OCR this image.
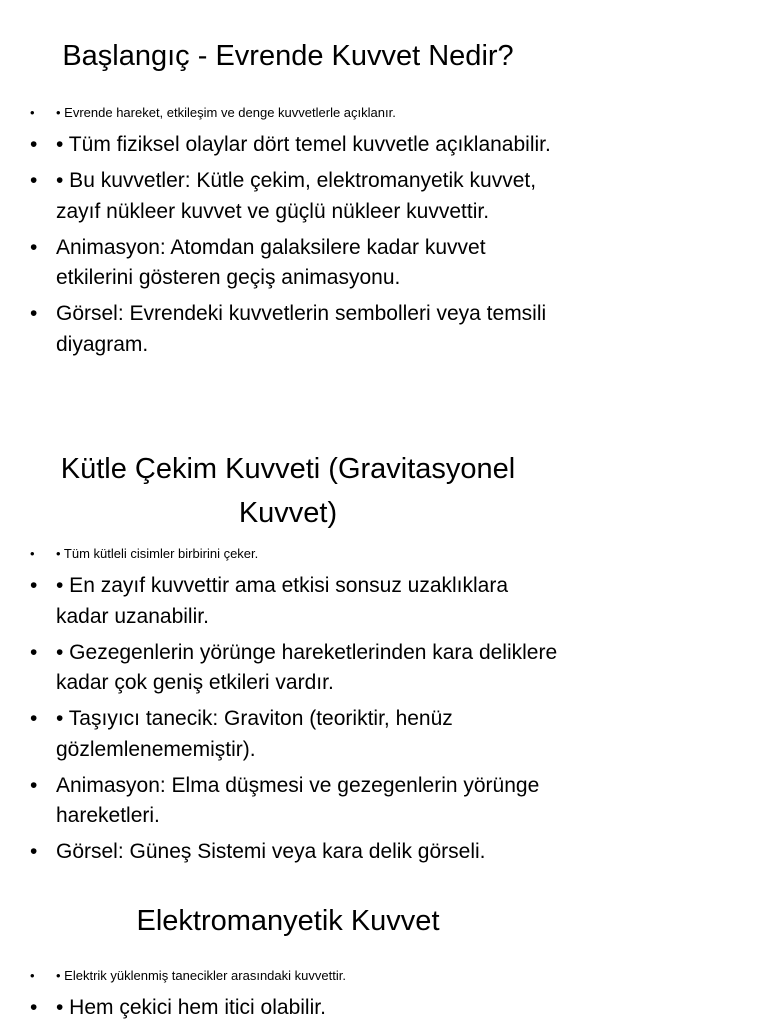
Başlangıç - Evrende Kuvvet Nedir?
• • Evrende hareket, etkileşim ve denge kuvvetlerle açıklanır.
• • Tüm fiziksel olaylar dört temel kuvvetle açıklanabilir.
• • Bu kuvvetler: Kütle çekim, elektromanyetik kuvvet, zayıf nükleer kuvvet ve güçlü nükleer kuvvettir.
• Animasyon: Atomdan galaksilere kadar kuvvet etkilerini gösteren geçiş animasyonu.
• Görsel: Evrendeki kuvvetlerin sembolleri veya temsili diyagram.
Kütle Çekim Kuvveti (Gravitasyonel Kuvvet)
• • Tüm kütleli cisimler birbirini çeker.
• • En zayıf kuvvettir ama etkisi sonsuz uzaklıklara kadar uzanabilir.
• • Gezegenlerin yörünge hareketlerinden kara deliklere kadar çok geniş etkileri vardır.
• • Taşıyıcı tanecik: Graviton (teoriktir, henüz gözlemlenememiştir).
• Animasyon: Elma düşmesi ve gezegenlerin yörünge hareketleri.
• Görsel: Güneş Sistemi veya kara delik görseli.
Elektromanyetik Kuvvet
• • Elektrik yüklenmiş tanecikler arasındaki kuvvettir.
• • Hem çekici hem itici olabilir.
